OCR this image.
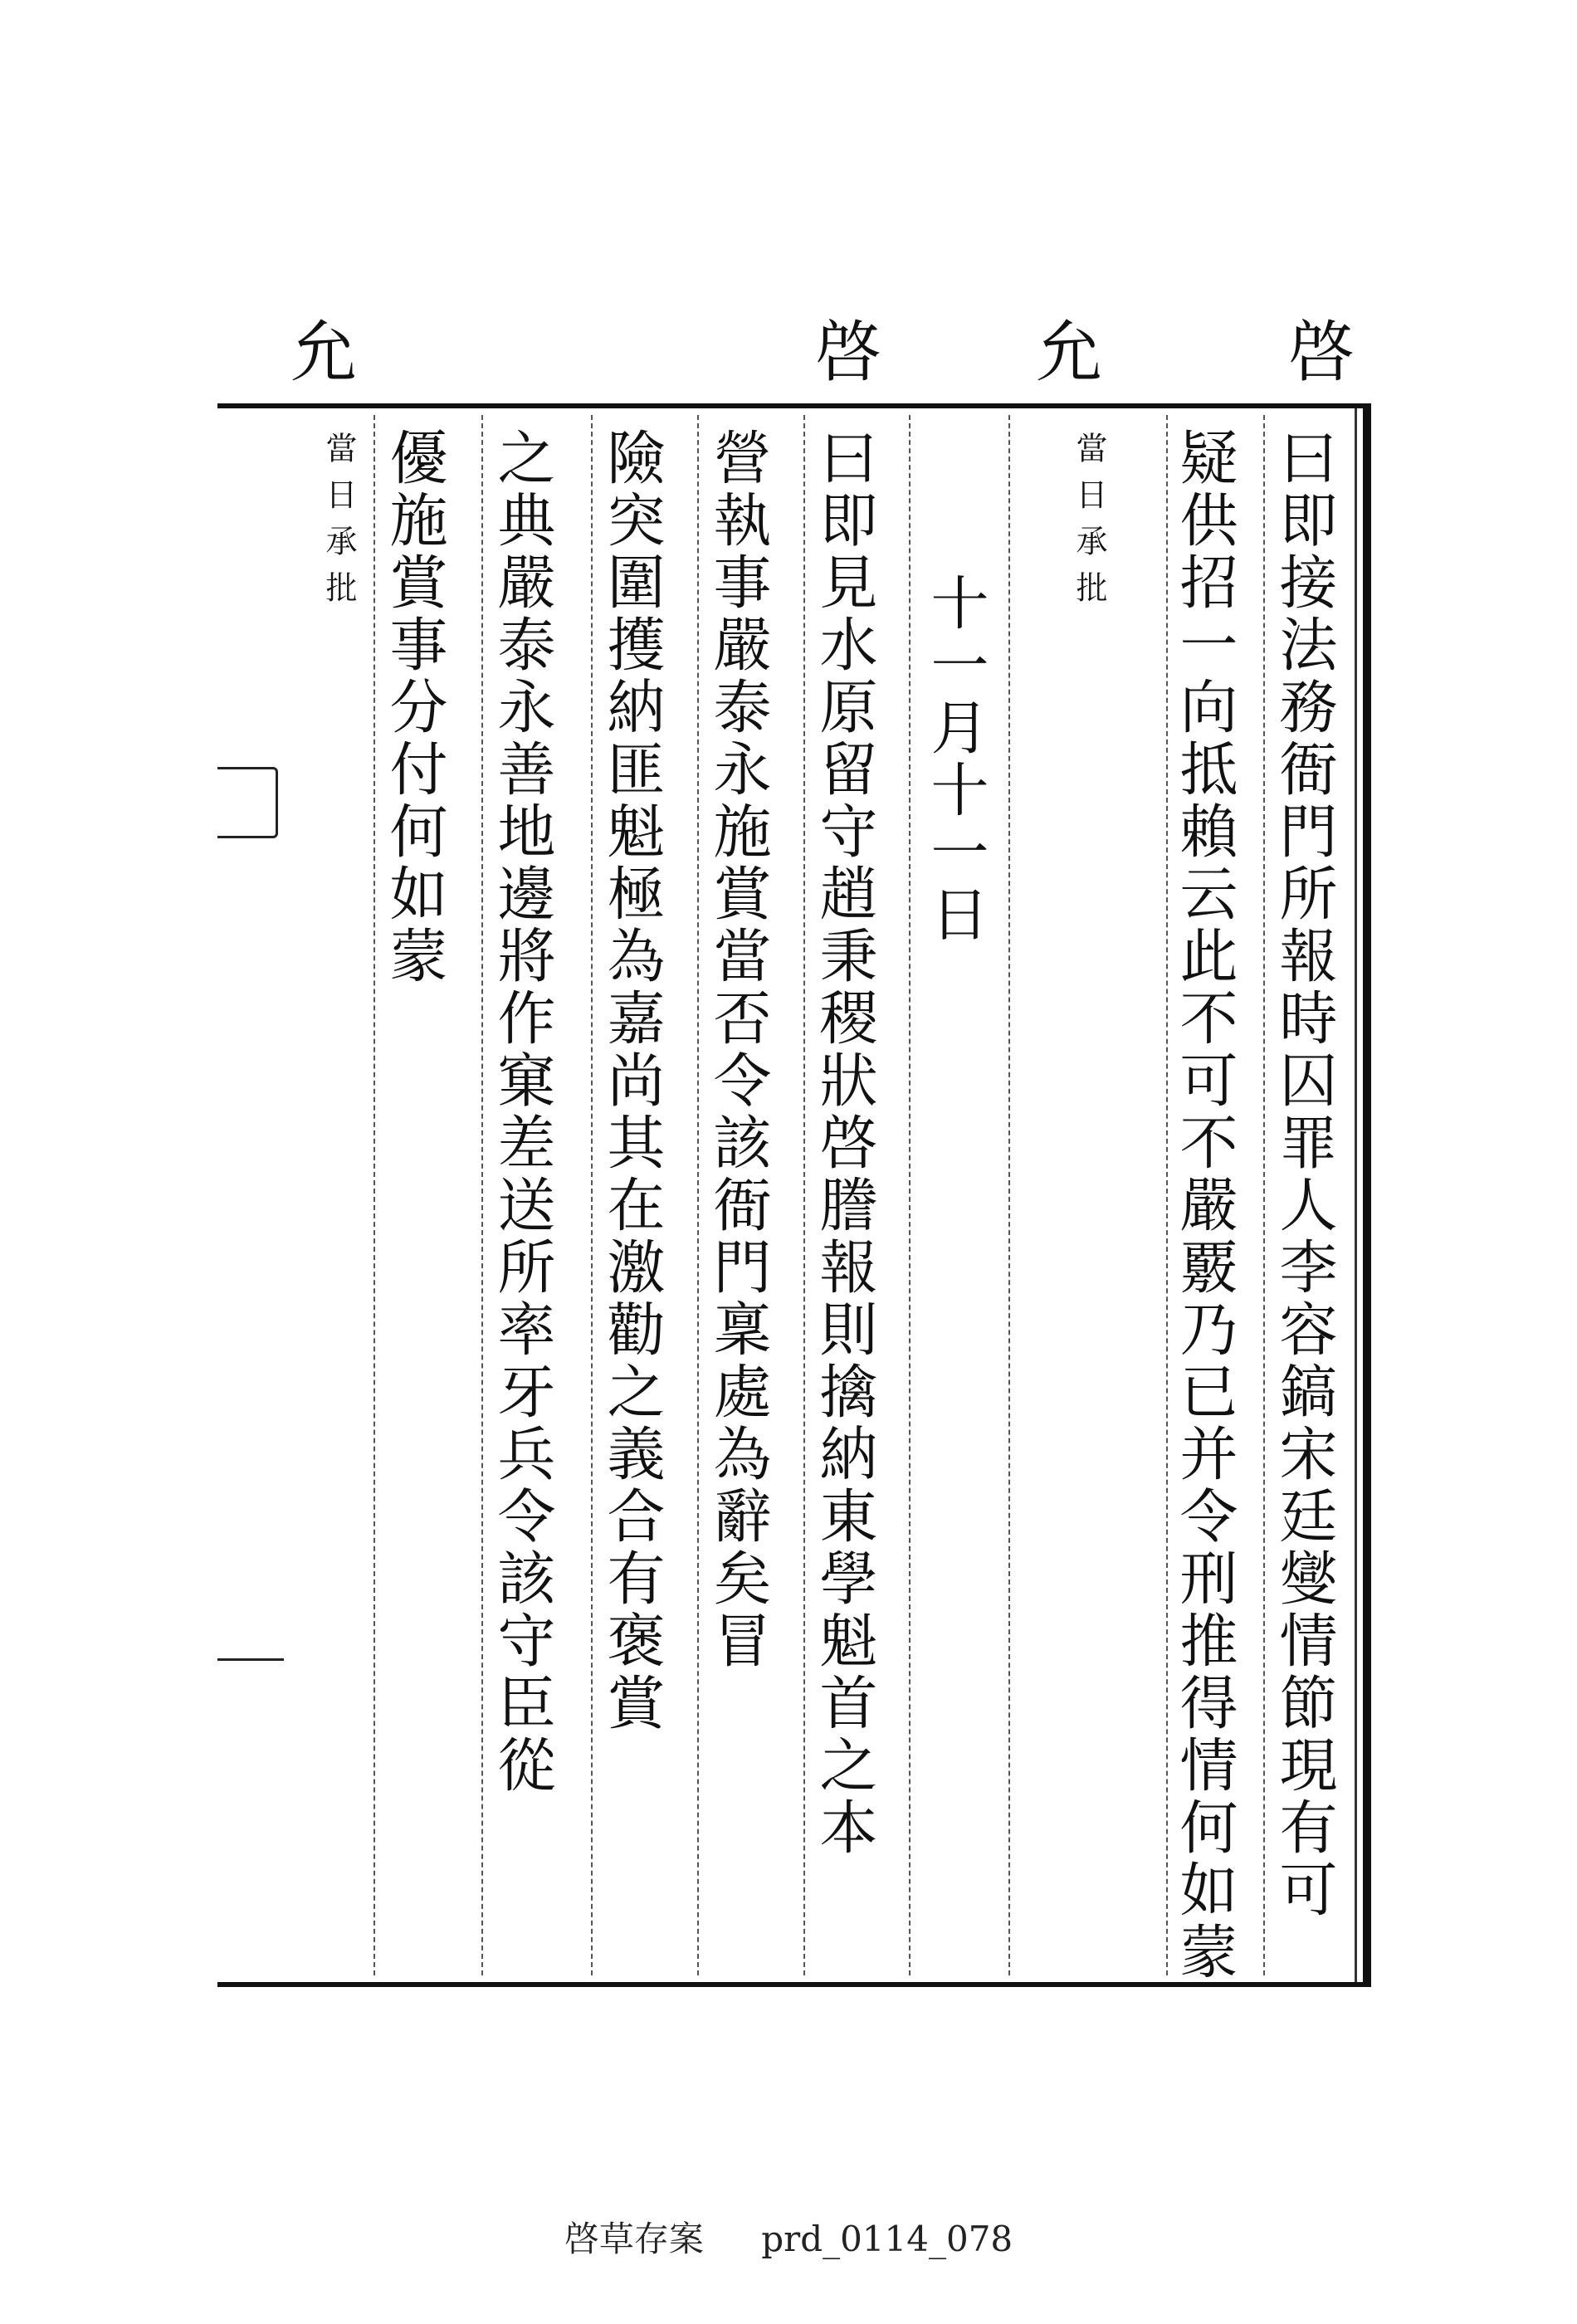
啓
允
啓
允
曰即接法務衙門所報時囚罪人李容鎬宋廷燮情節現有可
疑供招一向抵賴云此不可不嚴覈乃已并令刑推得情何如蒙
當日承批
十一月十一日
曰即見水原留守趙秉稷狀啓謄報則擒納東學魁首之本
營執事嚴泰永施賞當否令該衙門稟處為辭矣冒
險突圍擭納匪魁極為嘉尚其在激勸之義合有褒賞
之典嚴泰永善地邊將作窠差送所率牙兵令該守臣從
優施賞事分付何如蒙
當日承批
啓草存案 prd_0114_078
